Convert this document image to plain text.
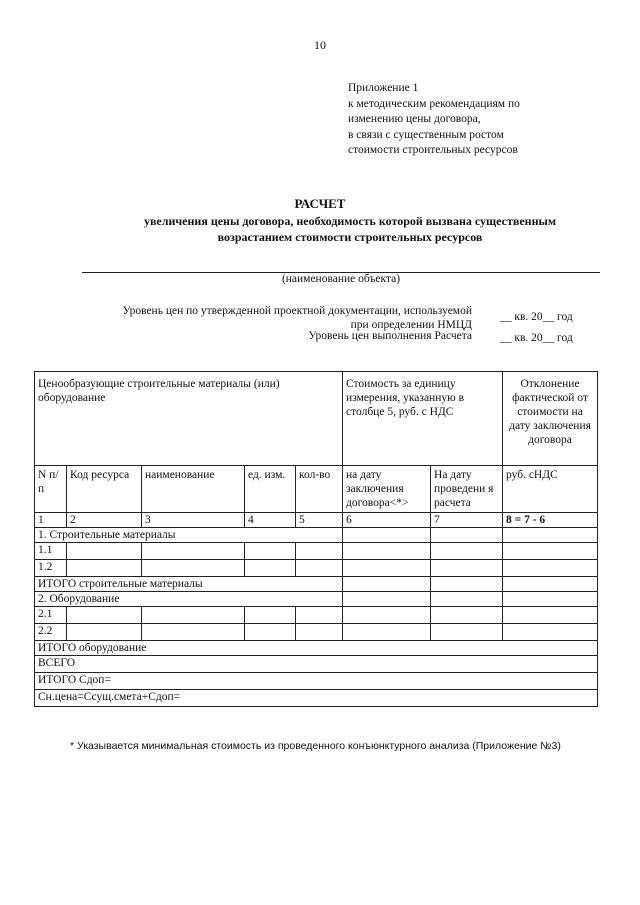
10
Приложение 1
к методическим рекомендациям по
изменению цены договора,
в связи с существенным ростом
стоимости строительных ресурсов
РАСЧЕТ
увеличения цены договора, необходимость которой вызвана существенным
возрастанием стоимости строительных ресурсов
(наименование объекта)
Уровень цен по утвержденной проектной документации, используемой
при определении НМЦД
__ кв. 20__ год
Уровень цен выполнения Расчета __ кв. 20__ год
Ценообразующие строительные материалы (или) оборудование					Стоимость за единицу измерения, указанную в столбце 5, руб. с НДС		Отклонение фактической от стоимости на дату заключения договора
N п/п	Код ресурса	наименование	ед. изм.	кол-во	на дату заключения договора<*>	На дату проведени я расчета	руб. сНДС
1	2	3	4	5	6	7	8 = 7 - 6
1. Строительные материалы							
1.1							
1.2							
ИТОГО строительные материалы							
2. Оборудование							
2.1							
2.2							
ИТОГО оборудование							
ВСЕГО							
ИТОГО Сдоп=							
Сн.цена=Ссущ.смета+Сдоп=							
* Указывается минимальная стоимость из проведенного конъюнктурного анализа (Приложение №3)
